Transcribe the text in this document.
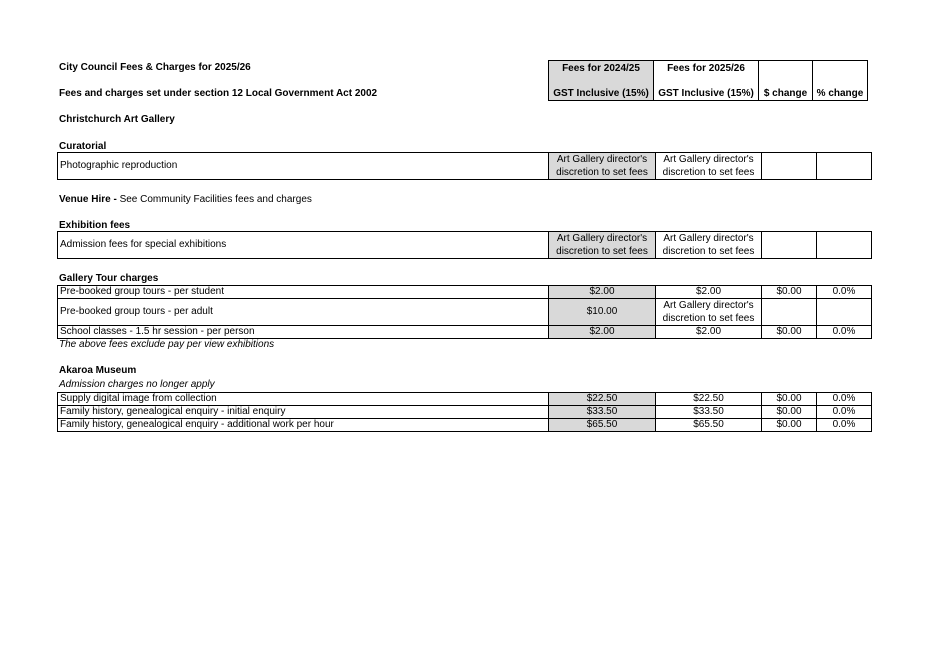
City Council Fees & Charges for 2025/26
Fees and charges set under section 12 Local Government Act 2002
Fees for 2024/25	Fees for 2025/26		
GST Inclusive (15%)	GST Inclusive (15%)	$ change	% change
Christchurch Art Gallery
Curatorial
Photographic reproduction	Art Gallery director's discretion to set fees	Art Gallery director's discretion to set fees		
Venue Hire - See Community Facilities fees and charges
Exhibition fees
Admission fees for special exhibitions	Art Gallery director's discretion to set fees	Art Gallery director's discretion to set fees		
Gallery Tour charges
Pre-booked group tours - per student	$2.00	$2.00	$0.00	0.0%
Pre-booked group tours - per adult	$10.00	Art Gallery director's discretion to set fees		
School classes - 1.5 hr session - per person	$2.00	$2.00	$0.00	0.0%
The above fees exclude pay per view exhibitions
Akaroa Museum
Admission charges no longer apply
Supply digital image from collection	$22.50	$22.50	$0.00	0.0%
Family history, genealogical enquiry - initial enquiry	$33.50	$33.50	$0.00	0.0%
Family history, genealogical enquiry - additional work per hour	$65.50	$65.50	$0.00	0.0%
